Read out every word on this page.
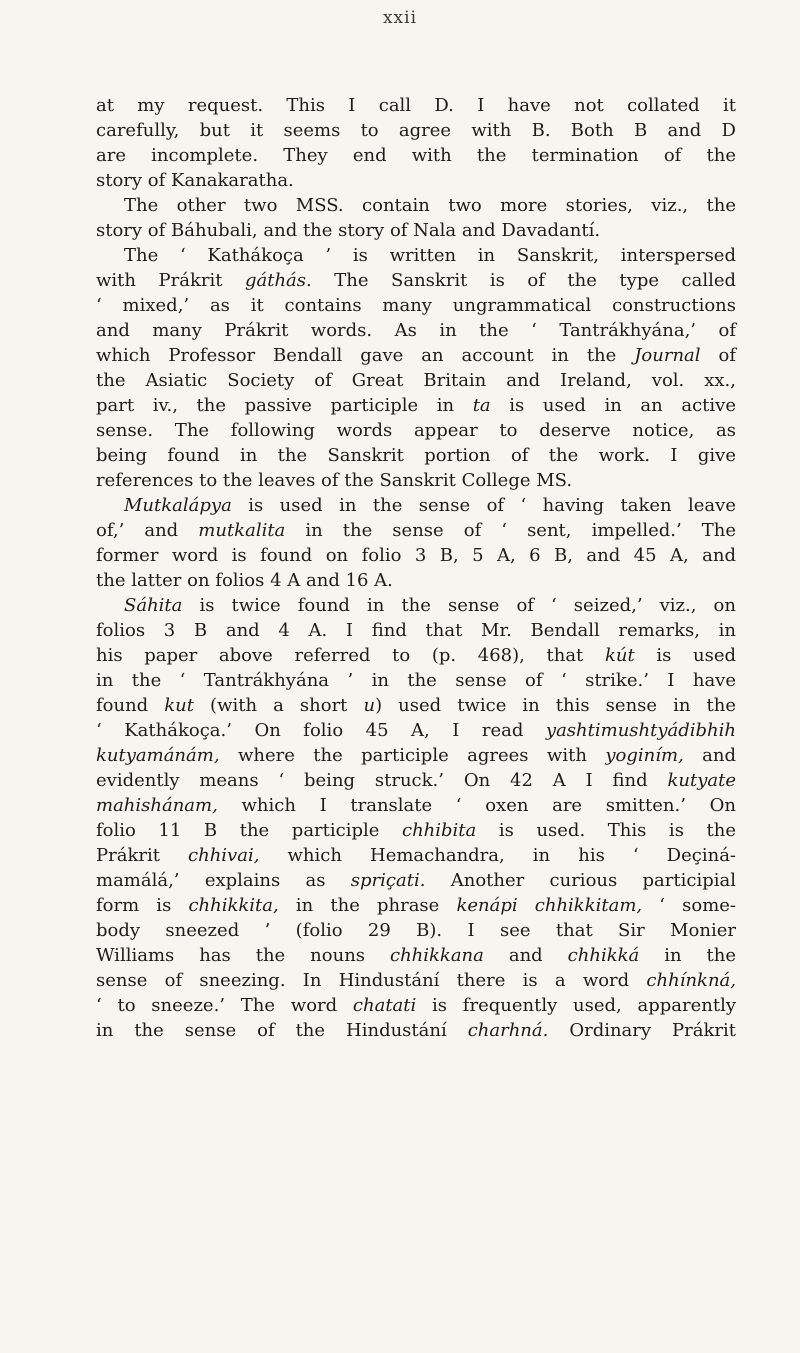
xxii
at my request. This I call D. I have not collated it
carefully, but it seems to agree with B. Both B and D
are incomplete. They end with the termination of the
story of Kanakaratha.
The other two MSS. contain two more stories, viz., the
story of Báhubali, and the story of Nala and Davadantí.
The ‘ Kathákoça ’ is written in Sanskrit, interspersed
with Prákrit gáthás. The Sanskrit is of the type called
‘ mixed,’ as it contains many ungrammatical constructions
and many Prákrit words. As in the ‘ Tantrákhyána,’ of
which Professor Bendall gave an account in the Journal of
the Asiatic Society of Great Britain and Ireland, vol. xx.,
part iv., the passive participle in ta is used in an active
sense. The following words appear to deserve notice, as
being found in the Sanskrit portion of the work. I give
references to the leaves of the Sanskrit College MS.
Mutkalápya is used in the sense of ‘ having taken leave
of,’ and mutkalita in the sense of ‘ sent, impelled.’ The
former word is found on folio 3 B, 5 A, 6 B, and 45 A, and
the latter on folios 4 A and 16 A.
Sáhita is twice found in the sense of ‘ seized,’ viz., on
folios 3 B and 4 A. I find that Mr. Bendall remarks, in
his paper above referred to (p. 468), that kút is used
in the ‘ Tantrákhyána ’ in the sense of ‘ strike.’ I have
found kut (with a short u) used twice in this sense in the
‘ Kathákoça.’ On folio 45 A, I read yashtimushtyádibhih
kutyamánám, where the participle agrees with yoginím, and
evidently means ‘ being struck.’ On 42 A I find kutyate
mahishánam, which I translate ‘ oxen are smitten.’ On
folio 11 B the participle chhibita is used. This is the
Prákrit chhivai, which Hemachandra, in his ‘ Deçiná-
mamálá,’ explains as spriçati. Another curious participial
form is chhikkita, in the phrase kenápi chhikkitam, ‘ some-
body sneezed ’ (folio 29 B). I see that Sir Monier
Williams has the nouns chhikkana and chhikká in the
sense of sneezing. In Hindustání there is a word chhínkná,
‘ to sneeze.’ The word chatati is frequently used, apparently
in the sense of the Hindustání charhná. Ordinary Prákrit
